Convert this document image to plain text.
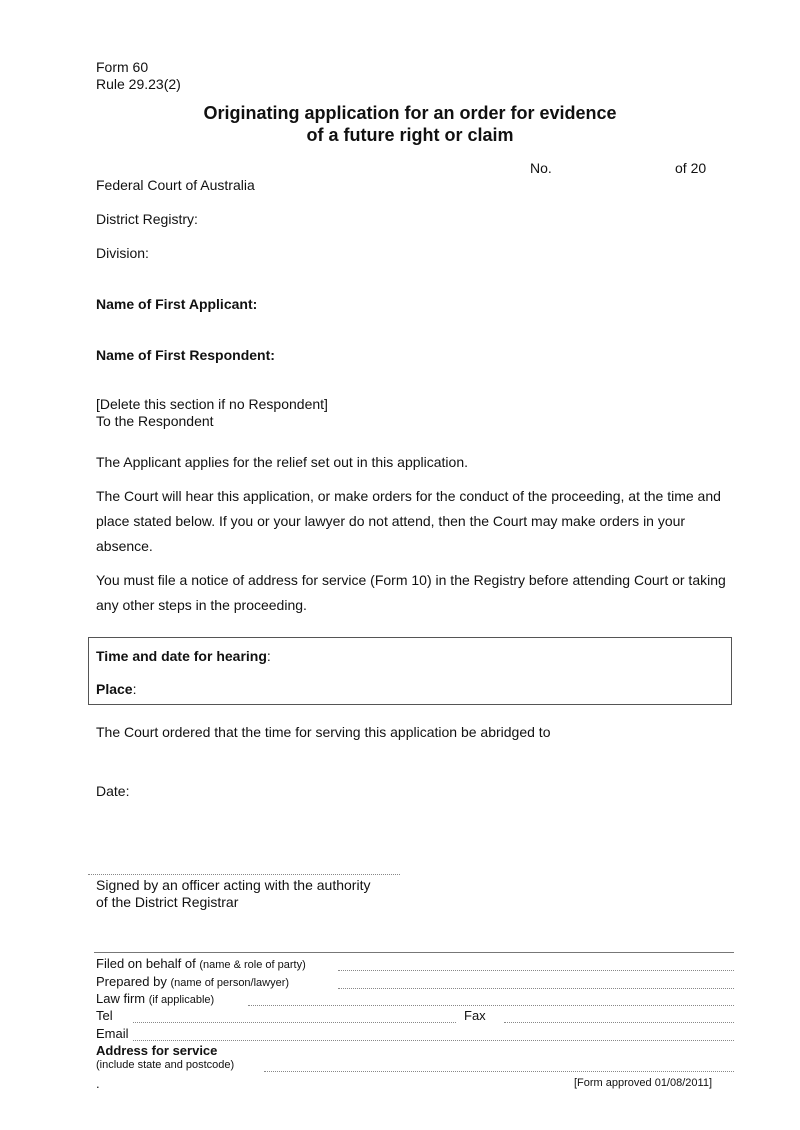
Form 60
Rule 29.23(2)
Originating application for an order for evidence
of a future right or claim
No.	of 20
Federal Court of Australia
District Registry:
Division:
Name of First Applicant:
Name of First Respondent:
[Delete this section if no Respondent]
To the Respondent
The Applicant applies for the relief set out in this application.
The Court will hear this application, or make orders for the conduct of the proceeding, at the time and place stated below. If you or your lawyer do not attend, then the Court may make orders in your absence.
You must file a notice of address for service (Form 10) in the Registry before attending Court or taking any other steps in the proceeding.
Time and date for hearing:
Place:
The Court ordered that the time for serving this application be abridged to
Date:
Signed by an officer acting with the authority
of the District Registrar
Filed on behalf of (name & role of party)
Prepared by (name of person/lawyer)
Law firm (if applicable)
Tel	Fax
Email
Address for service
(include state and postcode)
.	[Form approved 01/08/2011]
